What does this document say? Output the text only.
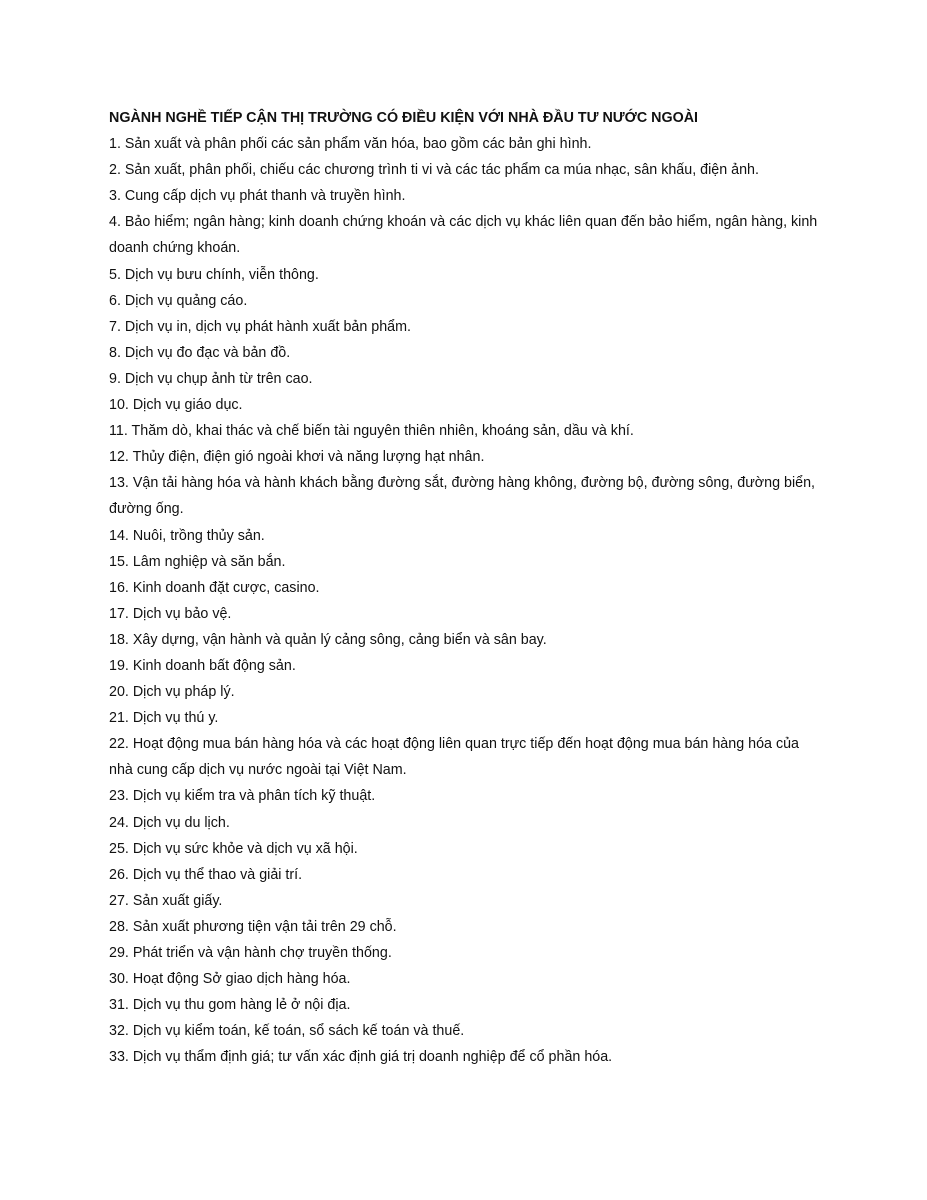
NGÀNH NGHỀ TIẾP CẬN THỊ TRƯỜNG CÓ ĐIỀU KIỆN VỚI NHÀ ĐẦU TƯ NƯỚC NGOÀI
1. Sản xuất và phân phối các sản phẩm văn hóa, bao gồm các bản ghi hình.
2. Sản xuất, phân phối, chiếu các chương trình ti vi và các tác phẩm ca múa nhạc, sân khấu, điện ảnh.
3. Cung cấp dịch vụ phát thanh và truyền hình.
4. Bảo hiểm; ngân hàng; kinh doanh chứng khoán và các dịch vụ khác liên quan đến bảo hiểm, ngân hàng, kinh doanh chứng khoán.
5. Dịch vụ bưu chính, viễn thông.
6. Dịch vụ quảng cáo.
7. Dịch vụ in, dịch vụ phát hành xuất bản phẩm.
8. Dịch vụ đo đạc và bản đồ.
9. Dịch vụ chụp ảnh từ trên cao.
10. Dịch vụ giáo dục.
11. Thăm dò, khai thác và chế biến tài nguyên thiên nhiên, khoáng sản, dầu và khí.
12. Thủy điện, điện gió ngoài khơi và năng lượng hạt nhân.
13. Vận tải hàng hóa và hành khách bằng đường sắt, đường hàng không, đường bộ, đường sông, đường biển, đường ống.
14. Nuôi, trồng thủy sản.
15. Lâm nghiệp và săn bắn.
16. Kinh doanh đặt cược, casino.
17. Dịch vụ bảo vệ.
18. Xây dựng, vận hành và quản lý cảng sông, cảng biển và sân bay.
19. Kinh doanh bất động sản.
20. Dịch vụ pháp lý.
21. Dịch vụ thú y.
22. Hoạt động mua bán hàng hóa và các hoạt động liên quan trực tiếp đến hoạt động mua bán hàng hóa của nhà cung cấp dịch vụ nước ngoài tại Việt Nam.
23. Dịch vụ kiểm tra và phân tích kỹ thuật.
24. Dịch vụ du lịch.
25. Dịch vụ sức khỏe và dịch vụ xã hội.
26. Dịch vụ thể thao và giải trí.
27. Sản xuất giấy.
28. Sản xuất phương tiện vận tải trên 29 chỗ.
29. Phát triển và vận hành chợ truyền thống.
30. Hoạt động Sở giao dịch hàng hóa.
31. Dịch vụ thu gom hàng lẻ ở nội địa.
32. Dịch vụ kiểm toán, kế toán, sổ sách kế toán và thuế.
33. Dịch vụ thẩm định giá; tư vấn xác định giá trị doanh nghiệp để cổ phần hóa.
